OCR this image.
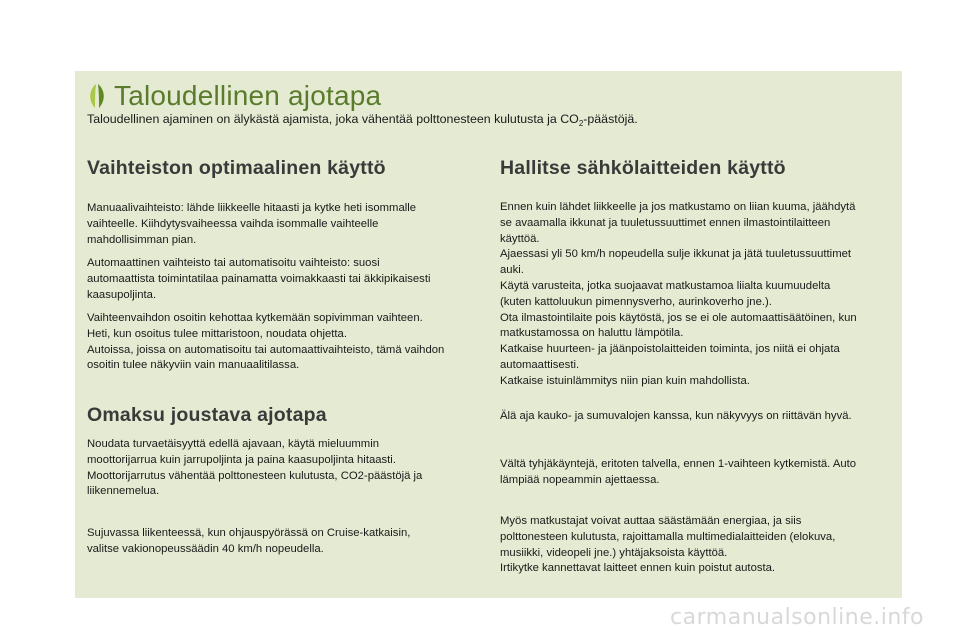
Taloudellinen ajotapa
Taloudellinen ajaminen on älykästä ajamista, joka vähentää polttonesteen kulutusta ja $CO_2$-päästöjä.
Vaihteiston optimaalinen käyttö

Manuaalivaihteisto: lähde liikkeelle hitaasti ja kytke heti isommalle
vaihteelle. Kiihdytysvaiheessa vaihda isommalle vaihteelle
mahdollisimman pian.

Automaattinen vaihteisto tai automatisoitu vaihteisto: suosi
automaattista toimintatilaa painamatta voimakkaasti tai äkkipikaisesti
kaasupoljinta.

Vaihteenvaihdon osoitin kehottaa kytkemään sopivimman vaihteen.
Heti, kun osoitus tulee mittaristoon, noudata ohjetta.
Autoissa, joissa on automatisoitu tai automaattivaihteisto, tämä vaihdon
osoitin tulee näkyviin vain manuaalitilassa.

Omaksu joustava ajotapa

Noudata turvaetäisyyttä edellä ajavaan, käytä mieluummin
moottorijarrua kuin jarrupoljinta ja paina kaasupoljinta hitaasti.
Moottorijarrutus vähentää polttonesteen kulutusta, CO2-päästöjä ja
liikennemelua.

Sujuvassa liikenteessä, kun ohjauspyörässä on Cruise-katkaisin,
valitse vakionopeussäädin 40 km/h nopeudella.

Hallitse sähkölaitteiden käyttö

Ennen kuin lähdet liikkeelle ja jos matkustamo on liian kuuma, jäähdytä
se avaamalla ikkunat ja tuuletussuuttimet ennen ilmastointilaitteen
käyttöä.
Ajaessasi yli 50 km/h nopeudella sulje ikkunat ja jätä tuuletussuuttimet
auki.
Käytä varusteita, jotka suojaavat matkustamoa liialta kuumuudelta
(kuten kattoluukun pimennysverho, aurinkoverho jne.).
Ota ilmastointilaite pois käytöstä, jos se ei ole automaattisäätöinen, kun
matkustamossa on haluttu lämpötila.
Katkaise huurteen- ja jäänpoistolaitteiden toiminta, jos niitä ei ohjata
automaattisesti.
Katkaise istuinlämmitys niin pian kuin mahdollista.

Älä aja kauko- ja sumuvalojen kanssa, kun näkyvyys on riittävän hyvä.

Vältä tyhjäkäyntejä, eritoten talvella, ennen 1-vaihteen kytkemistä. Auto
lämpiää nopeammin ajettaessa.

Myös matkustajat voivat auttaa säästämään energiaa, ja siis
polttonesteen kulutusta, rajoittamalla multimedialaitteiden (elokuva,
musiikki, videopeli jne.) yhtäjaksoista käyttöä.
Irtikytke kannettavat laitteet ennen kuin poistut autosta.

carmanualsonline.info
